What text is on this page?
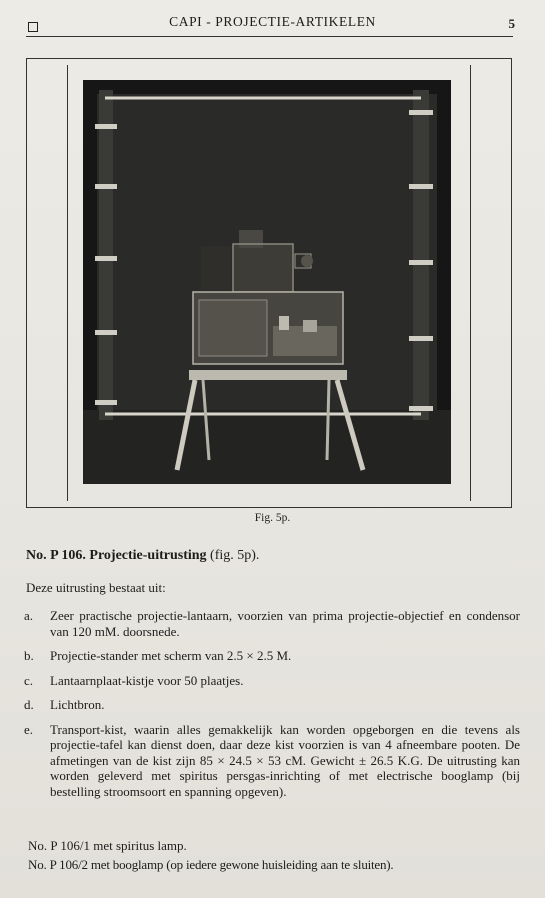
CAPI - PROJECTIE-ARTIKELEN	5
Fig. 5p.
No. P 106. Projectie-uitrusting (fig. 5p).
Deze uitrusting bestaat uit:
a.	Zeer practische projectie-lantaarn, voorzien van prima projectie-objectief en condensor van 120 mM. doorsnede.
b.	Projectie-stander met scherm van 2.5 × 2.5 M.
c.	Lantaarnplaat-kistje voor 50 plaatjes.
d.	Lichtbron.
e.	Transport-kist, waarin alles gemakkelijk kan worden opgeborgen en die tevens als projectie-tafel kan dienst doen, daar deze kist voorzien is van 4 afneembare pooten. De afmetingen van de kist zijn 85 × 24.5 × 53 cM. Gewicht ± 26.5 K.G. De uitrusting kan worden geleverd met spiritus persgas-inrichting of met electrische booglamp (bij bestelling stroomsoort en spanning opgeven).
No. P 106/1 met spiritus lamp.
No. P 106/2 met booglamp (op iedere gewone huisleiding aan te sluiten).
